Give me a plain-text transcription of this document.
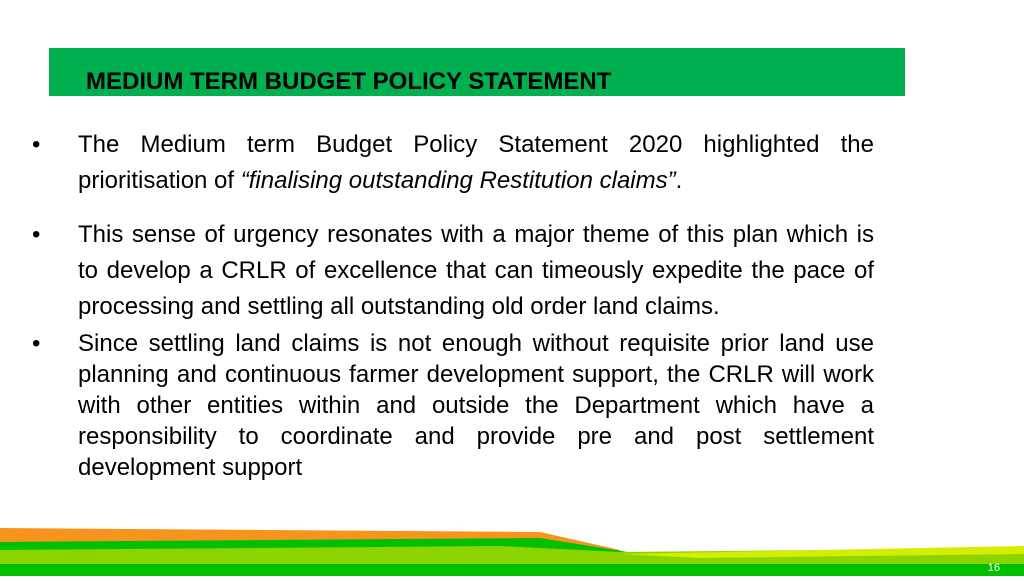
MEDIUM TERM BUDGET POLICY STATEMENT
• The Medium term Budget Policy Statement 2020 highlighted the prioritisation of “finalising outstanding Restitution claims”.
• This sense of urgency resonates with a major theme of this plan which is to develop a CRLR of excellence that can timeously expedite the pace of processing and settling all outstanding old order land claims.
• Since settling land claims is not enough without requisite prior land use planning and continuous farmer development support, the CRLR will work with other entities within and outside the Department which have a responsibility to coordinate and provide pre and post settlement development support
16
